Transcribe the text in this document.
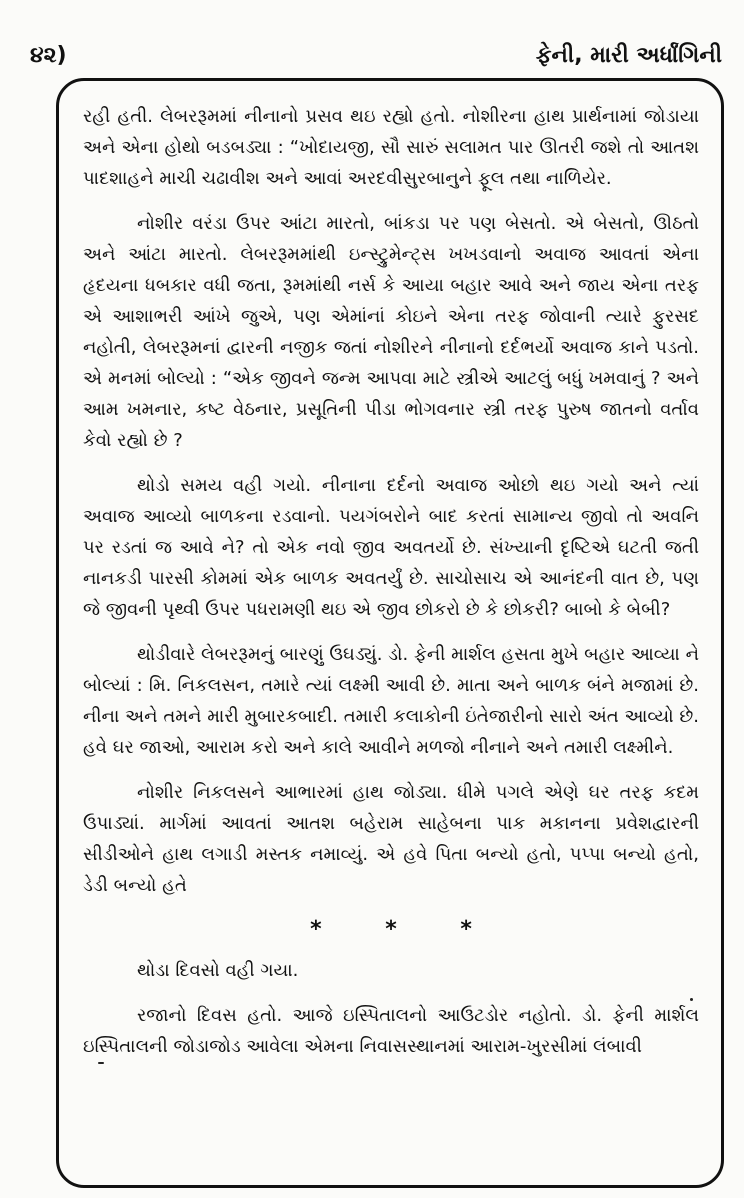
૪૨)	ફેની, મારી અર્ધાંગિની

રહી હતી. લેબરરૂમમાં નીનાનો પ્રસવ થઇ રહ્યો હતો. નોશીરના હાથ પ્રાર્થનામાં જોડાયા અને એના હોથો બડબડ્યા : “ખોદાયજી, સૌ સારું સલામત પાર ઊતરી જશે તો આતશ પાદશાહને માચી ચઢાવીશ અને આવાં અરદવીસુરબાનુને ફૂલ તથા નાળિયેર.

નોશીર વરંડા ઉપર આંટા મારતો, બાંકડા પર પણ બેસતો. એ બેસતો, ઊઠતો અને આંટા મારતો. લેબરરૂમમાંથી ઇન્સ્ટ્રુમેન્ટ્સ ખખડવાનો અવાજ આવતાં એના હૃદયના ધબકાર વધી જતા, રૂમમાંથી નર્સ કે આયા બહાર આવે અને જાય એના તરફ એ આશાભરી આંખે જુએ, પણ એમાંનાં કોઇને એના તરફ જોવાની ત્યારે ફુરસદ નહોતી, લેબરરૂમનાં દ્વારની નજીક જતાં નોશીરને નીનાનો દર્દભર્યો અવાજ કાને પડતો. એ મનમાં બોલ્યો : “એક જીવને જન્મ આપવા માટે સ્ત્રીએ આટલું બધું ખમવાનું ? અને આમ ખમનાર, કષ્ટ વેઠનાર, પ્રસૂતિની પીડા ભોગવનાર સ્ત્રી તરફ પુરુષ જાતનો વર્તાવ કેવો રહ્યો છે ?

થોડો સમય વહી ગયો. નીનાના દર્દનો અવાજ ઓછો થઇ ગયો અને ત્યાં અવાજ આવ્યો બાળકના રડવાનો. પયગંબરોને બાદ કરતાં સામાન્ય જીવો તો અવનિ પર રડતાં જ આવે ને? તો એક નવો જીવ અવતર્યો છે. સંખ્યાની દૃષ્ટિએ ઘટતી જતી નાનકડી પારસી કોમમાં એક બાળક અવતર્યું છે. સાચોસાચ એ આનંદની વાત છે, પણ જે જીવની પૃથ્વી ઉપર પધરામણી થઇ એ જીવ છોકરો છે કે છોકરી? બાબો કે બેબી?

થોડીવારે લેબરરૂમનું બારણું ઉઘડ્યું. ડો. ફેની માર્શલ હસતા મુખે બહાર આવ્યા ને બોલ્યાં : મિ. નિકલસન, તમારે ત્યાં લક્ષ્મી આવી છે. માતા અને બાળક બંને મજામાં છે. નીના અને તમને મારી મુબારકબાદી. તમારી કલાકોની ઇંતેજારીનો સારો અંત આવ્યો છે. હવે ઘર જાઓ, આરામ કરો અને કાલે આવીને મળજો નીનાને અને તમારી લક્ષ્મીને.

નોશીર નિકલસને આભારમાં હાથ જોડ્યા. ધીમે પગલે એણે ઘર તરફ કદમ ઉપાડ્યાં. માર્ગમાં આવતાં આતશ બહેરામ સાહેબના પાક મકાનના પ્રવેશદ્વારની સીડીઓને હાથ લગાડી મસ્તક નમાવ્યું. એ હવે પિતા બન્યો હતો, પપ્પા બન્યો હતો, ડેડી બન્યો હતે

* * *

થોડા દિવસો વહી ગયા.

રજાનો દિવસ હતો. આજે ઇસ્પિતાલનો આઉટડોર નહોતો. ડો. ફેની માર્શલ ઇસ્પિતાલની જોડાજોડ આવેલા એમના નિવાસસ્થાનમાં આરામ-ખુરસીમાં લંબાવી
